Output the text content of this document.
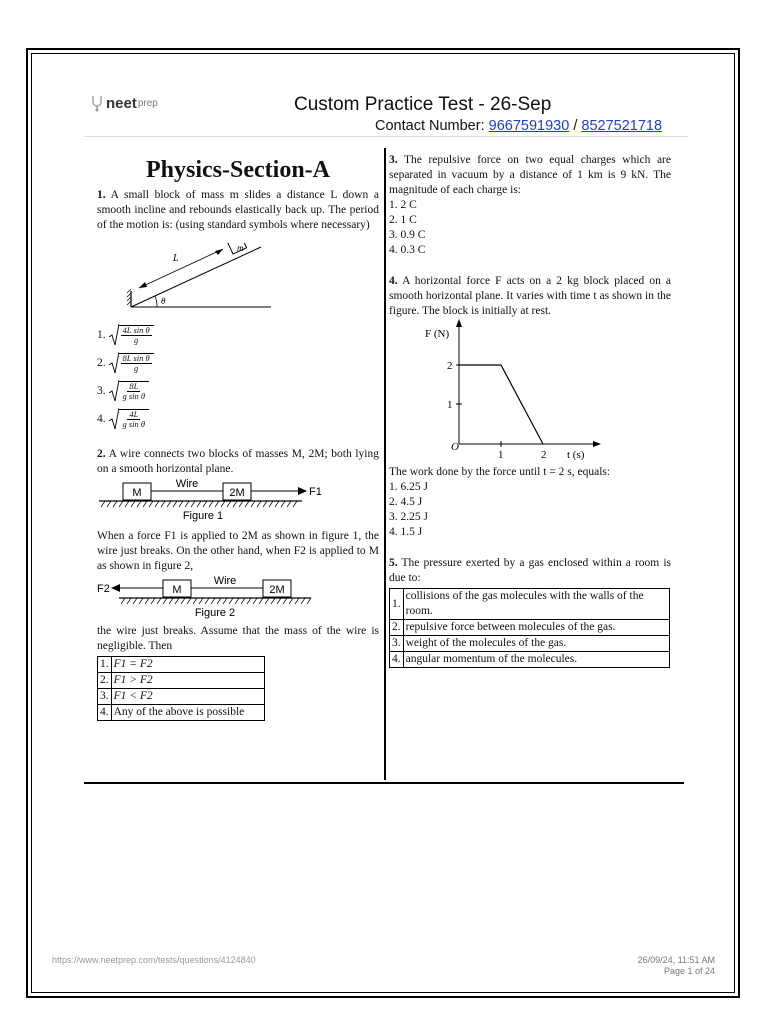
neet prep	Custom Practice Test - 26-Sep
Contact Number: 9667591930 / 8527521718
Physics-Section-A
1. A small block of mass m slides a distance L down a smooth incline and rebounds elastically back up. The period of the motion is: (using standard symbols where necessary)
m
L
θ
1.
$\frac{\text{4L sin θ}}{g}$
2.
$\frac{\text{8L sin θ}}{g}$
3.
$\frac{8L}{\text{g sin θ}}$
4.
$\frac{4L}{\text{g sin θ}}$
2. A wire connects two blocks of masses M, 2M; both lying on a smooth horizontal plane.
M
Wire
2M	F1
Figure 1
When a force F1 is applied to 2M as shown in figure 1, the wire just breaks. On the other hand, when F2 is applied to M as shown in figure 2,
F2	M
Wire
2M
Figure 2
the wire just breaks. Assume that the mass of the wire is negligible. Then
1.	F1 = F2
2.	F1 > F2
3.	F1 < F2
4.	Any of the above is possible
3. The repulsive force on two equal charges which are separated in vacuum by a distance of 1 km is 9 kN. The magnitude of each charge is:
1. 2 C
2. 1 C
3. 0.9 C
4. 0.3 C
4. A horizontal force F acts on a 2 kg block placed on a smooth horizontal plane. It varies with time t as shown in the figure. The block is initially at rest.
F (N)
O
2
1
1	2 t (s)
The work done by the force until t = 2 s, equals:
1. 6.25 J
2. 4.5 J
3. 2.25 J
4. 1.5 J
5. The pressure exerted by a gas enclosed within a room is due to:
1.	collisions of the gas molecules with the walls of the room.
2.	repulsive force between molecules of the gas.
3.	weight of the molecules of the gas.
4.	angular momentum of the molecules.
https://www.neetprep.com/tests/questions/4124840	26/09/24, 11:51 AM
Page 1 of 24
